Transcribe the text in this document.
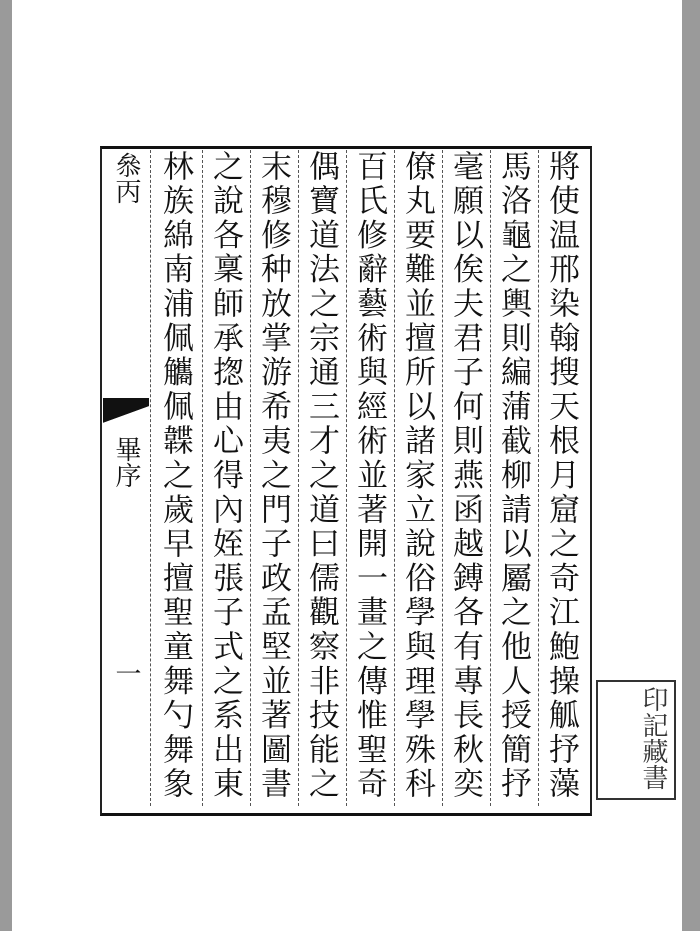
將使温邢染翰搜天根月窟之奇江鮑操觚抒藻
馬洛龜之輿則編蒲截柳請以屬之他人授簡抒
毫願以俟夫君子何則燕函越鎛各有專長秋奕
僚丸要難並擅所以諸家立說俗學與理學殊科
百氏修辭藝術與經術並著開一畫之傳惟聖奇
偶寶道法之宗通三才之道曰儒觀察非技能之
末穆修种放掌游希夷之門子政孟堅並著圖書
之說各稟師承揔由心得內姪張子式之系出東
林族綿南浦佩觿佩韘之歲早擅聖童舞勺舞象
叅丙
畢序
一
印記藏書
